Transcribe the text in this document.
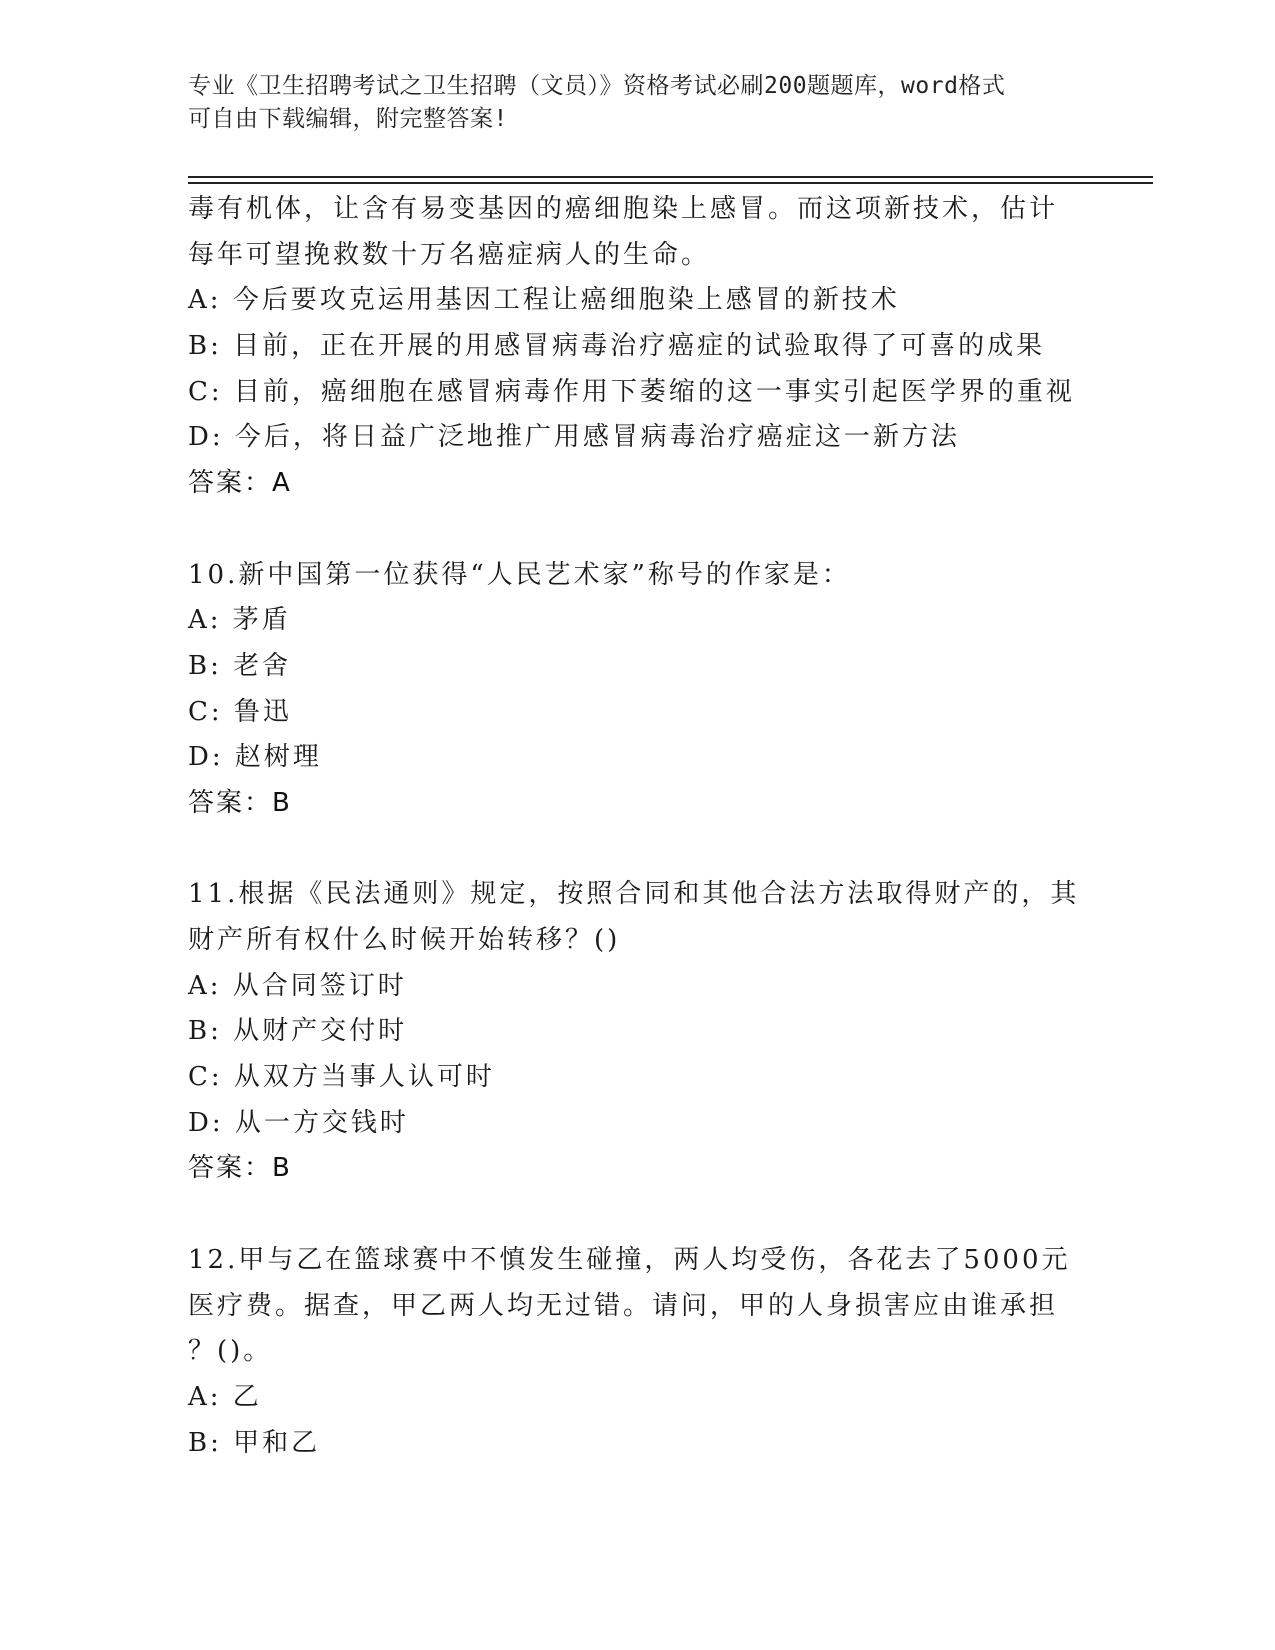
专业《卫生招聘考试之卫生招聘（文员）》资格考试必刷200题题库，word格式
可自由下载编辑，附完整答案!
毒有机体，让含有易变基因的癌细胞染上感冒。而这项新技术，估计
每年可望挽救数十万名癌症病人的生命。
A: 今后要攻克运用基因工程让癌细胞染上感冒的新技术
B: 目前，正在开展的用感冒病毒治疗癌症的试验取得了可喜的成果
C: 目前，癌细胞在感冒病毒作用下萎缩的这一事实引起医学界的重视
D: 今后，将日益广泛地推广用感冒病毒治疗癌症这一新方法
答案：A
10.新中国第一位获得“人民艺术家”称号的作家是：
A: 茅盾
B: 老舍
C: 鲁迅
D: 赵树理
答案：B
11.根据《民法通则》规定，按照合同和其他合法方法取得财产的，其
财产所有权什么时候开始转移？()
A: 从合同签订时
B: 从财产交付时
C: 从双方当事人认可时
D: 从一方交钱时
答案：B
12.甲与乙在篮球赛中不慎发生碰撞，两人均受伤，各花去了5000元
医疗费。据查，甲乙两人均无过错。请问，甲的人身损害应由谁承担
？()。
A: 乙
B: 甲和乙
